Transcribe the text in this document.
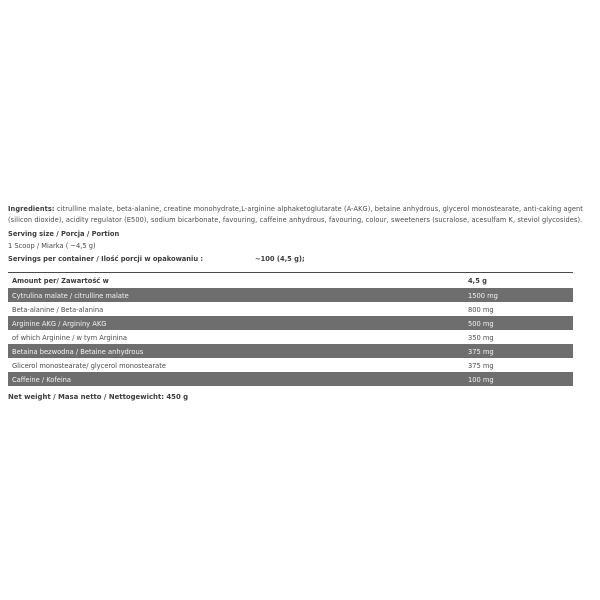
Ingredients: citrulline malate, beta-alanine, creatine monohydrate,L-arginine alphaketoglutarate (A-AKG), betaine anhydrous, glycerol monostearate, anti-caking agent (silicon dioxide), acidity regulator (E500), sodium bicarbonate, favouring, caffeine anhydrous, favouring, colour, sweeteners (sucralose, acesulfam K, steviol glycosides).

Serving size / Porcja / Portion
1 Scoop / Miarka ( ~4,5 g)
Servings per container / Ilość porcji w opakowaniu :	~100 (4,5 g);
Amount per/ Zawartość w	4,5 g
Cytrulina malate / citrulline malate	1500 mg
Beta-alanine / Beta-alanina	800 mg
Arginine AKG / Argininy AKG	500 mg
of which Arginine / w tym Arginina	350 mg
Betaina bezwodna / Betaine anhydrous	375 mg
Glicerol monostearate/ glycerol monostearate	375 mg
Caffeine / Kofeina	100 mg
Net weight / Masa netto / Nettogewicht: 450 g
